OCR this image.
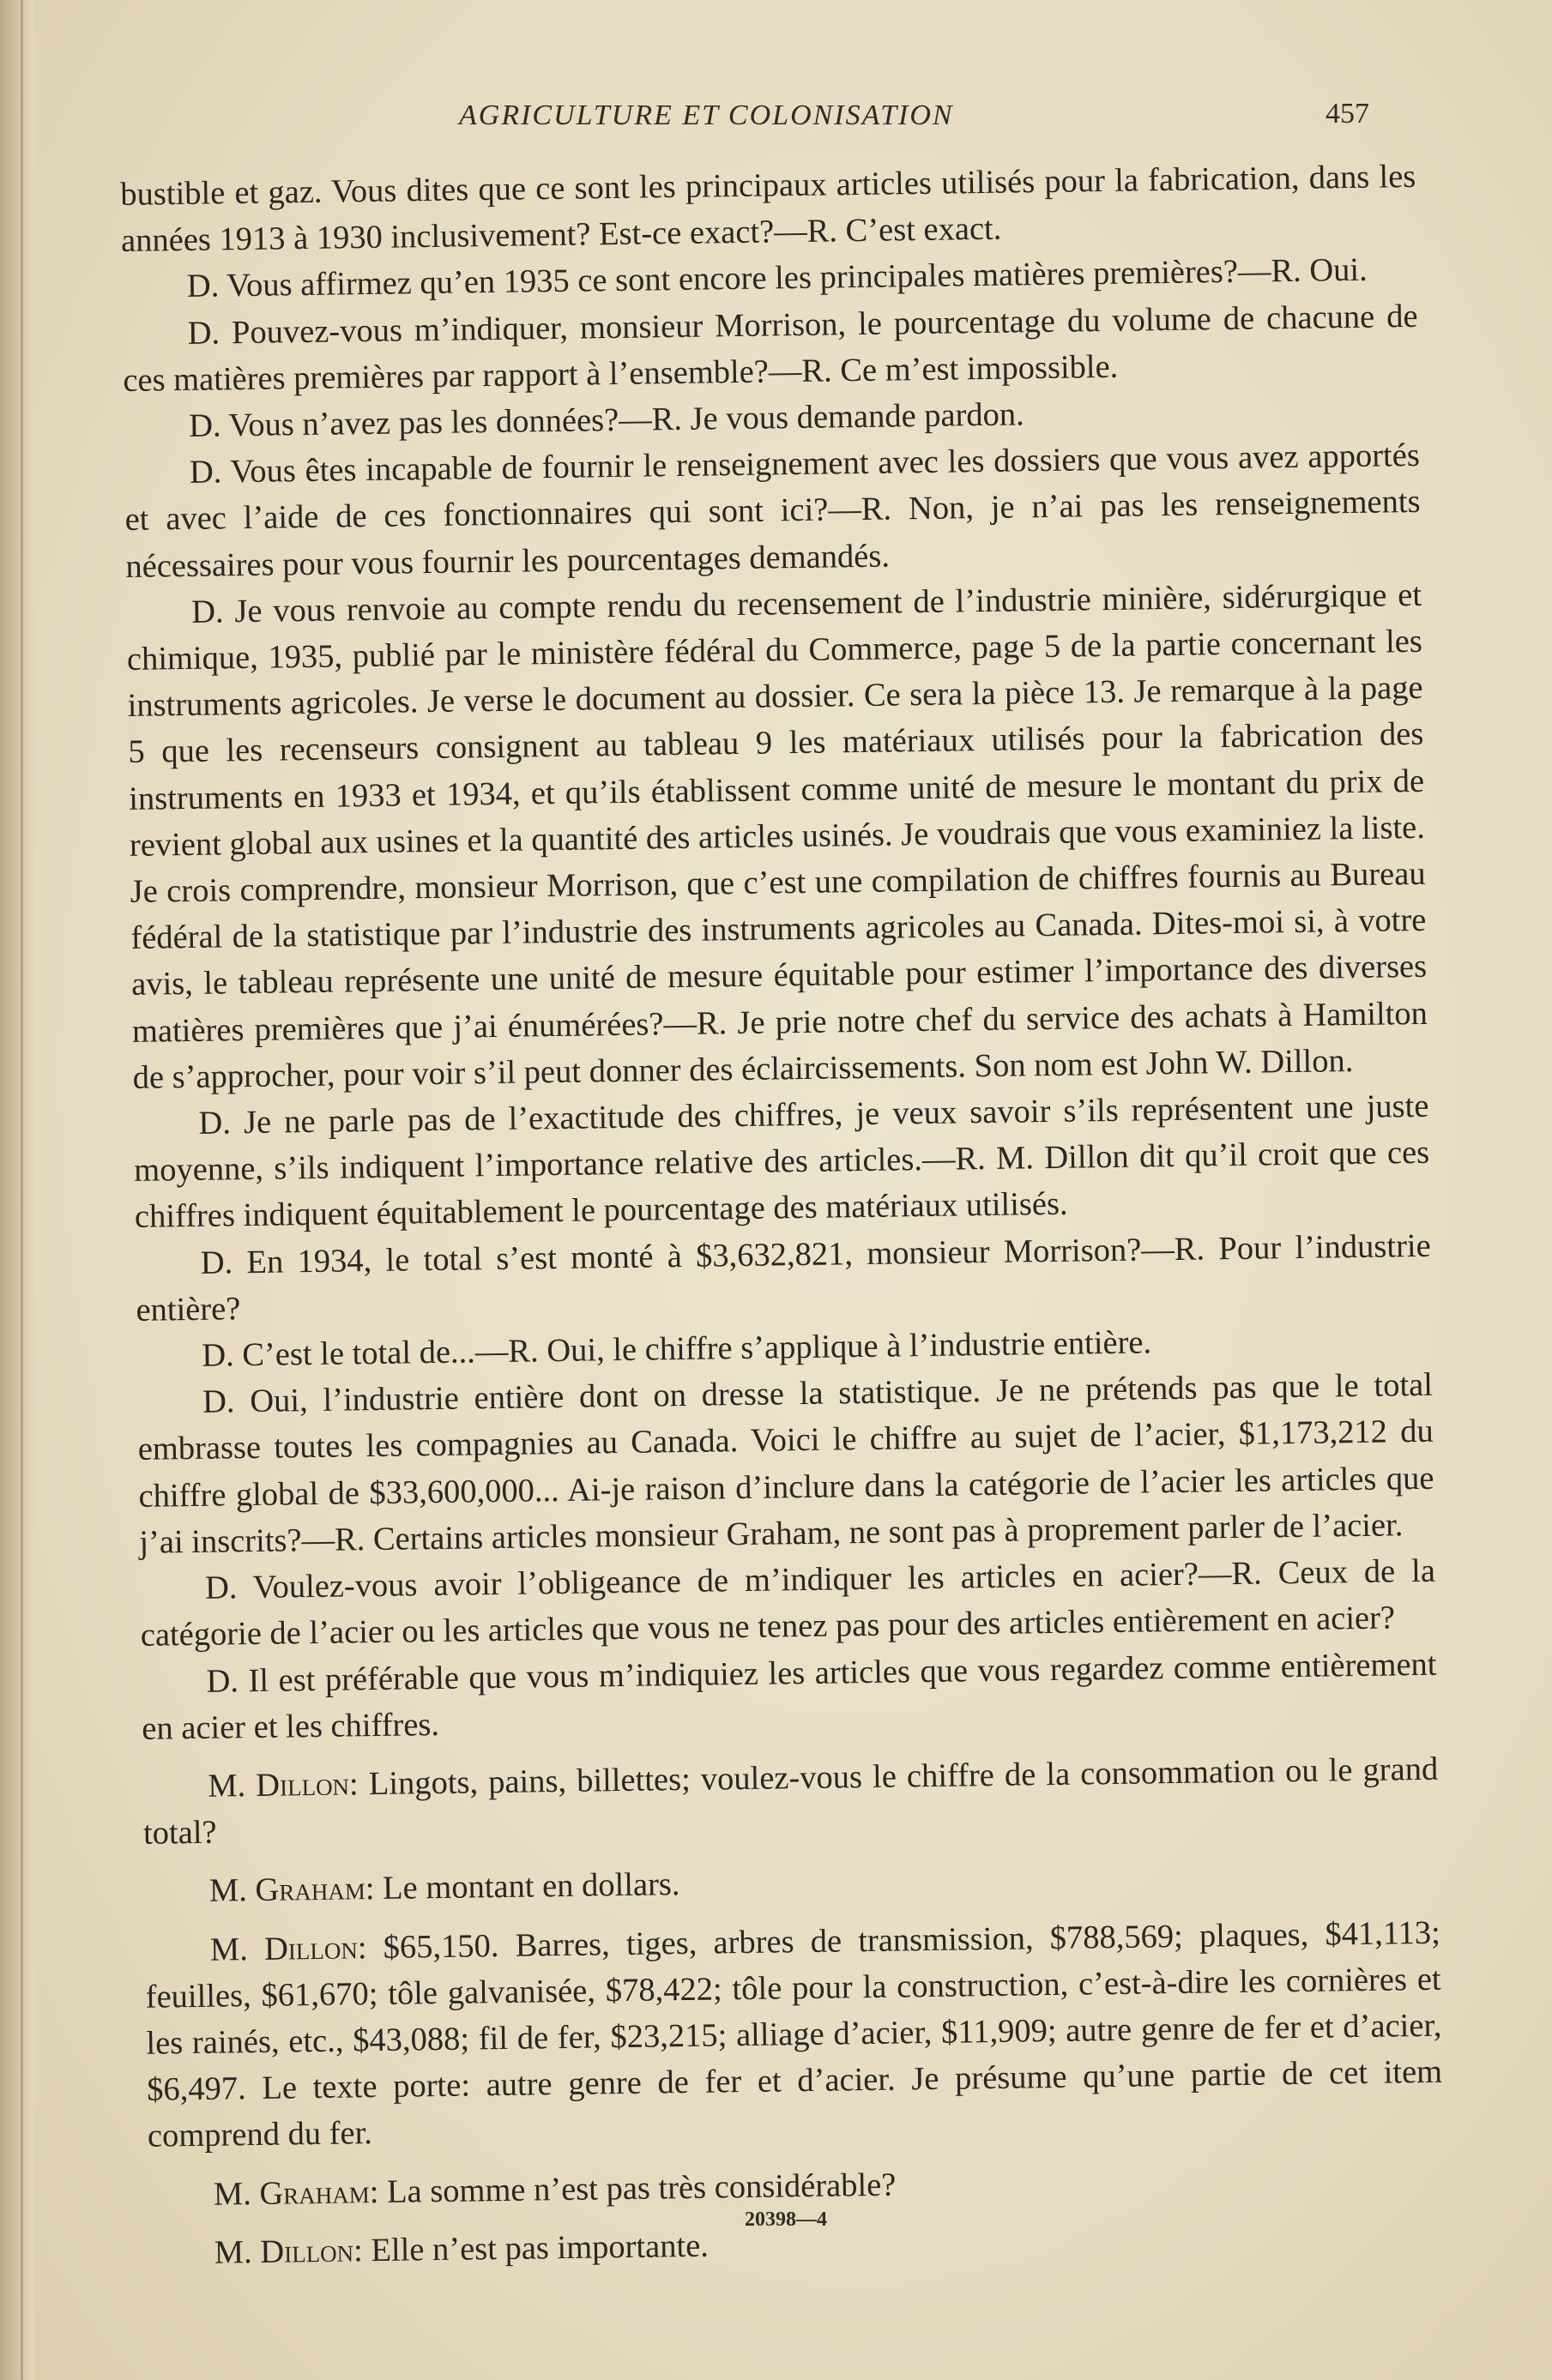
AGRICULTURE ET COLONISATION	457

bustible et gaz. Vous dites que ce sont les principaux articles utilisés pour la fabrication, dans les années 1913 à 1930 inclusivement? Est-ce exact?—R. C’est exact.

D. Vous affirmez qu’en 1935 ce sont encore les principales matières premières?—R. Oui.

D. Pouvez-vous m’indiquer, monsieur Morrison, le pourcentage du volume de chacune de ces matières premières par rapport à l’ensemble?—R. Ce m’est impossible.

D. Vous n’avez pas les données?—R. Je vous demande pardon.

D. Vous êtes incapable de fournir le renseignement avec les dossiers que vous avez apportés et avec l’aide de ces fonctionnaires qui sont ici?—R. Non, je n’ai pas les renseignements nécessaires pour vous fournir les pourcentages demandés.

D. Je vous renvoie au compte rendu du recensement de l’industrie minière, sidérurgique et chimique, 1935, publié par le ministère fédéral du Commerce, page 5 de la partie concernant les instruments agricoles. Je verse le document au dossier. Ce sera la pièce 13. Je remarque à la page 5 que les recenseurs consignent au tableau 9 les matériaux utilisés pour la fabrication des instruments en 1933 et 1934, et qu’ils établissent comme unité de mesure le montant du prix de revient global aux usines et la quantité des articles usinés. Je voudrais que vous examiniez la liste. Je crois comprendre, monsieur Morrison, que c’est une compilation de chiffres fournis au Bureau fédéral de la statistique par l’industrie des instruments agricoles au Canada. Dites-moi si, à votre avis, le tableau représente une unité de mesure équitable pour estimer l’importance des diverses matières premières que j’ai énumérées?—R. Je prie notre chef du service des achats à Hamilton de s’approcher, pour voir s’il peut donner des éclaircissements. Son nom est John W. Dillon.

D. Je ne parle pas de l’exactitude des chiffres, je veux savoir s’ils représentent une juste moyenne, s’ils indiquent l’importance relative des articles.—R. M. Dillon dit qu’il croit que ces chiffres indiquent équitablement le pourcentage des matériaux utilisés.

D. En 1934, le total s’est monté à $3,632,821, monsieur Morrison?—R. Pour l’industrie entière?

D. C’est le total de...—R. Oui, le chiffre s’applique à l’industrie entière.

D. Oui, l’industrie entière dont on dresse la statistique. Je ne prétends pas que le total embrasse toutes les compagnies au Canada. Voici le chiffre au sujet de l’acier, $1,173,212 du chiffre global de $33,600,000... Ai-je raison d’inclure dans la catégorie de l’acier les articles que j’ai inscrits?—R. Certains articles monsieur Graham, ne sont pas à proprement parler de l’acier.

D. Voulez-vous avoir l’obligeance de m’indiquer les articles en acier?—R. Ceux de la catégorie de l’acier ou les articles que vous ne tenez pas pour des articles entièrement en acier?

D. Il est préférable que vous m’indiquiez les articles que vous regardez comme entièrement en acier et les chiffres.

M. Dillon: Lingots, pains, billettes; voulez-vous le chiffre de la consommation ou le grand total?

M. Graham: Le montant en dollars.

M. Dillon: $65,150. Barres, tiges, arbres de transmission, $788,569; plaques, $41,113; feuilles, $61,670; tôle galvanisée, $78,422; tôle pour la construction, c’est-à-dire les cornières et les rainés, etc., $43,088; fil de fer, $23,215; alliage d’acier, $11,909; autre genre de fer et d’acier, $6,497. Le texte porte: autre genre de fer et d’acier. Je présume qu’une partie de cet item comprend du fer.

M. Graham: La somme n’est pas très considérable?

M. Dillon: Elle n’est pas importante.

20398—4
